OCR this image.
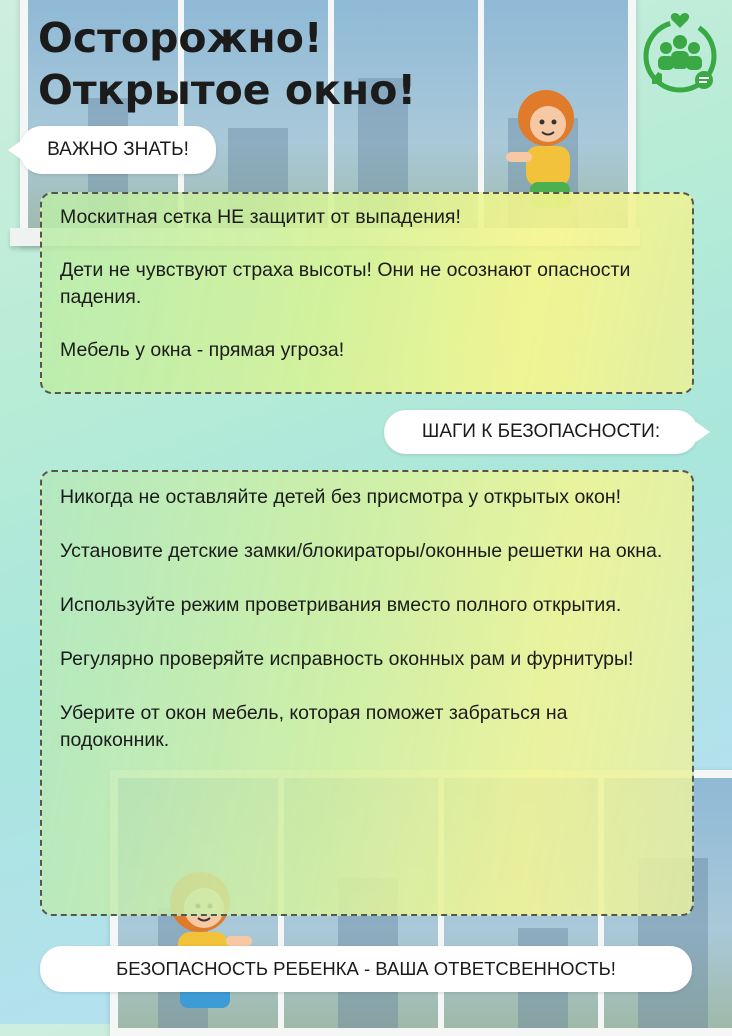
Осторожно!
Открытое окно!
ВАЖНО ЗНАТЬ!

Москитная сетка НЕ защитит от выпадения!

Дети не чувствуют страха высоты! Они не осознают опасности падения.

Мебель у окна - прямая угроза!

ШАГИ К БЕЗОПАСНОСТИ:

Никогда не оставляйте детей без присмотра у открытых окон!

Установите детские замки/блокираторы/оконные решетки на окна.

Используйте режим проветривания вместо полного открытия.

Регулярно проверяйте исправность оконных рам и фурнитуры!

Уберите от окон мебель, которая поможет забраться на подоконник.

БЕЗОПАСНОСТЬ РЕБЕНКА - ВАША ОТВЕТСВЕННОСТЬ!
